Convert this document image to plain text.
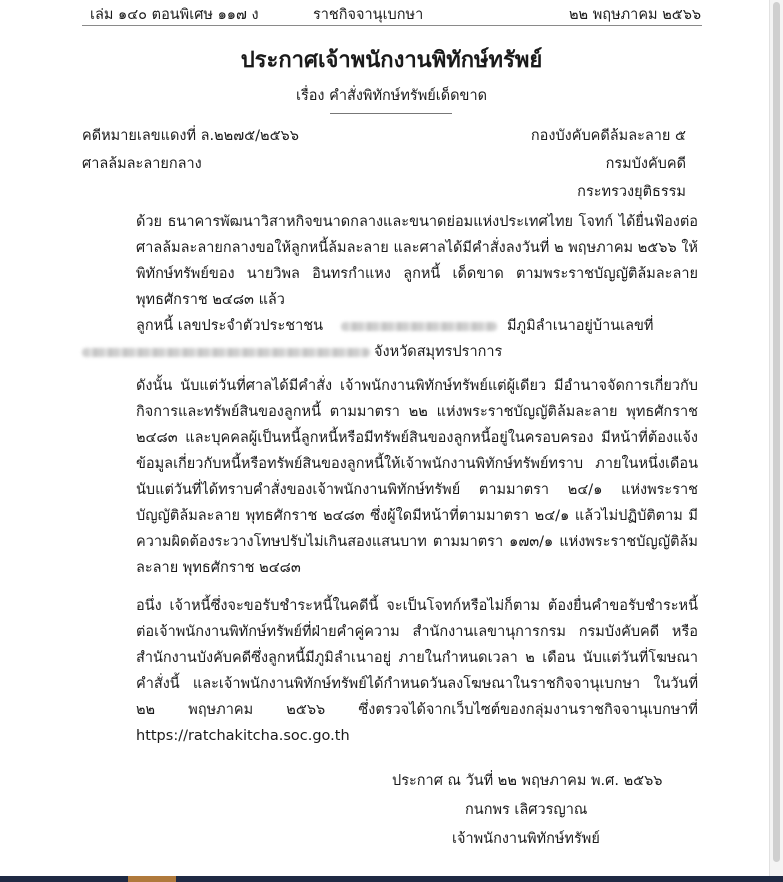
เล่ม ๑๔๐ ตอนพิเศษ ๑๑๗ ง	ราชกิจจานุเบกษา	๒๒ พฤษภาคม ๒๕๖๖
ประกาศเจ้าพนักงานพิทักษ์ทรัพย์
เรื่อง คำสั่งพิทักษ์ทรัพย์เด็ดขาด
คดีหมายเลขแดงที่ ล.๒๒๗๕/๒๕๖๖	กองบังคับคดีล้มละลาย ๕
ศาลล้มละลายกลาง	กรมบังคับคดี
กระทรวงยุติธรรม
ด้วย ธนาคารพัฒนาวิสาหกิจขนาดกลางและขนาดย่อมแห่งประเทศไทย โจทก์ ได้ยื่นฟ้องต่อศาลล้มละลายกลางขอให้ลูกหนี้ล้มละลาย และศาลได้มีคำสั่งลงวันที่ ๒ พฤษภาคม ๒๕๖๖ ให้พิทักษ์ทรัพย์ของ นายวิพล อินทรกำแหง ลูกหนี้ เด็ดขาด ตามพระราชบัญญัติล้มละลาย พุทธศักราช ๒๔๘๓ แล้ว
ลูกหนี้ เลขประจำตัวประชาชน	มีภูมิลำเนาอยู่บ้านเลขที่
จังหวัดสมุทรปราการ
ดังนั้น นับแต่วันที่ศาลได้มีคำสั่ง เจ้าพนักงานพิทักษ์ทรัพย์แต่ผู้เดียว มีอำนาจจัดการเกี่ยวกับกิจการและทรัพย์สินของลูกหนี้ ตามมาตรา ๒๒ แห่งพระราชบัญญัติล้มละลาย พุทธศักราช ๒๔๘๓ และบุคคลผู้เป็นหนี้ลูกหนี้หรือมีทรัพย์สินของลูกหนี้อยู่ในครอบครอง มีหน้าที่ต้องแจ้งข้อมูลเกี่ยวกับหนี้หรือทรัพย์สินของลูกหนี้ให้เจ้าพนักงานพิทักษ์ทรัพย์ทราบ ภายในหนึ่งเดือนนับแต่วันที่ได้ทราบคำสั่งของเจ้าพนักงานพิทักษ์ทรัพย์ ตามมาตรา ๒๔/๑ แห่งพระราชบัญญัติล้มละลาย พุทธศักราช ๒๔๘๓ ซึ่งผู้ใดมีหน้าที่ตามมาตรา ๒๔/๑ แล้วไม่ปฏิบัติตาม มีความผิดต้องระวางโทษปรับไม่เกินสองแสนบาท ตามมาตรา ๑๗๓/๑ แห่งพระราชบัญญัติล้มละลาย พุทธศักราช ๒๔๘๓
อนึ่ง เจ้าหนี้ซึ่งจะขอรับชำระหนี้ในคดีนี้ จะเป็นโจทก์หรือไม่ก็ตาม ต้องยื่นคำขอรับชำระหนี้ต่อเจ้าพนักงานพิทักษ์ทรัพย์ที่ฝ่ายคำคู่ความ สำนักงานเลขานุการกรม กรมบังคับคดี หรือ สำนักงานบังคับคดีซึ่งลูกหนี้มีภูมิลำเนาอยู่ ภายในกำหนดเวลา ๒ เดือน นับแต่วันที่โฆษณาคำสั่งนี้ และเจ้าพนักงานพิทักษ์ทรัพย์ได้กำหนดวันลงโฆษณาในราชกิจจานุเบกษา ในวันที่ ๒๒ พฤษภาคม ๒๕๖๖ ซึ่งตรวจได้จากเว็บไซต์ของกลุ่มงานราชกิจจานุเบกษาที่ https://ratchakitcha.soc.go.th
ประกาศ ณ วันที่ ๒๒ พฤษภาคม พ.ศ. ๒๕๖๖
กนกพร เลิศวรญาณ
เจ้าพนักงานพิทักษ์ทรัพย์
